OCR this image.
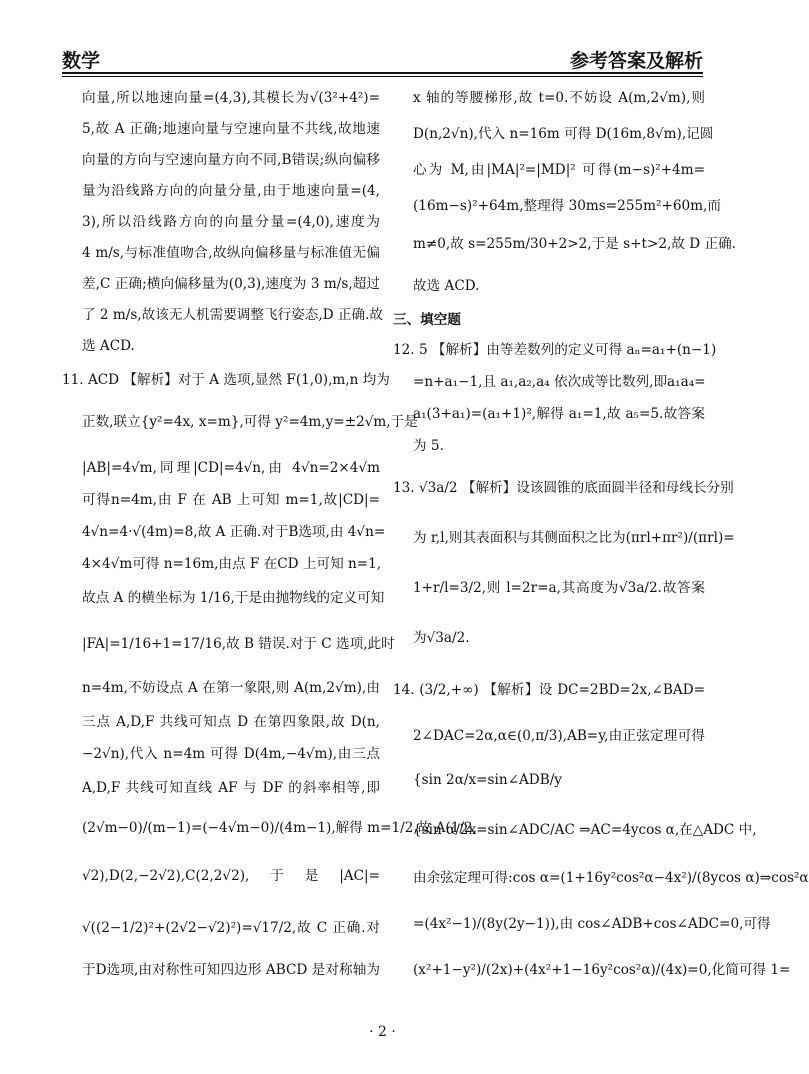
数学	参考答案及解析
向量,所以地速向量=(4,3),其模长为√(3²+4²)=
5,故 A 正确;地速向量与空速向量不共线,故地速
向量的方向与空速向量方向不同,B错误;纵向偏移
量为沿线路方向的向量分量,由于地速向量=(4,
3),所以沿线路方向的向量分量=(4,0),速度为
4 m/s,与标准值吻合,故纵向偏移量与标准值无偏
差,C 正确;横向偏移量为(0,3),速度为 3 m/s,超过
了 2 m/s,故该无人机需要调整飞行姿态,D 正确.故
选 ACD.
11. ACD 【解析】对于 A 选项,显然 F(1,0),m,n 均为
正数,联立{y²=4x, x=m},可得 y²=4m,y=±2√m,于是
|AB|=4√m,同理|CD|=4√n,由 4√n=2×4√m
可得n=4m,由 F 在 AB 上可知 m=1,故|CD|=
4√n=4·√(4m)=8,故 A 正确.对于B选项,由 4√n=
4×4√m可得 n=16m,由点 F 在CD 上可知 n=1,
故点 A 的横坐标为 1/16,于是由抛物线的定义可知
|FA|=1/16+1=17/16,故 B 错误.对于 C 选项,此时
n=4m,不妨设点 A 在第一象限,则 A(m,2√m),由
三点 A,D,F 共线可知点 D 在第四象限,故 D(n,
−2√n),代入 n=4m 可得 D(4m,−4√m),由三点
A,D,F 共线可知直线 AF 与 DF 的斜率相等,即
(2√m−0)/(m−1)=(−4√m−0)/(4m−1),解得 m=1/2,故 A(1/2,
√2),D(2,−2√2),C(2,2√2),于是|AC|=
√((2−1/2)²+(2√2−√2)²)=√17/2,故 C 正确.对
于D选项,由对称性可知四边形 ABCD 是对称轴为
x 轴的等腰梯形,故 t=0.不妨设 A(m,2√m),则
D(n,2√n),代入 n=16m 可得 D(16m,8√m),记圆
心为 M,由|MA|²=|MD|² 可得(m−s)²+4m=
(16m−s)²+64m,整理得 30ms=255m²+60m,而
m≠0,故 s=255m/30+2>2,于是 s+t>2,故 D 正确.
故选 ACD.
三、填空题
12. 5 【解析】由等差数列的定义可得 aₙ=a₁+(n−1)
=n+a₁−1,且 a₁,a₂,a₄ 依次成等比数列,即a₁a₄=
a₁(3+a₁)=(a₁+1)²,解得 a₁=1,故 a₅=5.故答案
为 5.
13. √3a/2 【解析】设该圆锥的底面圆半径和母线长分别
为 r,l,则其表面积与其侧面积之比为(πrl+πr²)/(πrl)=
1+r/l=3/2,则 l=2r=a,其高度为√3a/2.故答案
为√3a/2.
14. (3/2,+∞) 【解析】设 DC=2BD=2x,∠BAD=
2∠DAC=2α,α∈(0,π/3),AB=y,由正弦定理可得
{sin 2α/x=sin∠ADB/y
{sin α/2x=sin∠ADC/AC ⇒AC=4ycos α,在△ADC 中,
由余弦定理可得:cos α=(1+16y²cos²α−4x²)/(8ycos α)⇒cos²α
=(4x²−1)/(8y(2y−1)),由 cos∠ADB+cos∠ADC=0,可得
(x²+1−y²)/(2x)+(4x²+1−16y²cos²α)/(4x)=0,化简可得 1=
· 2 ·
